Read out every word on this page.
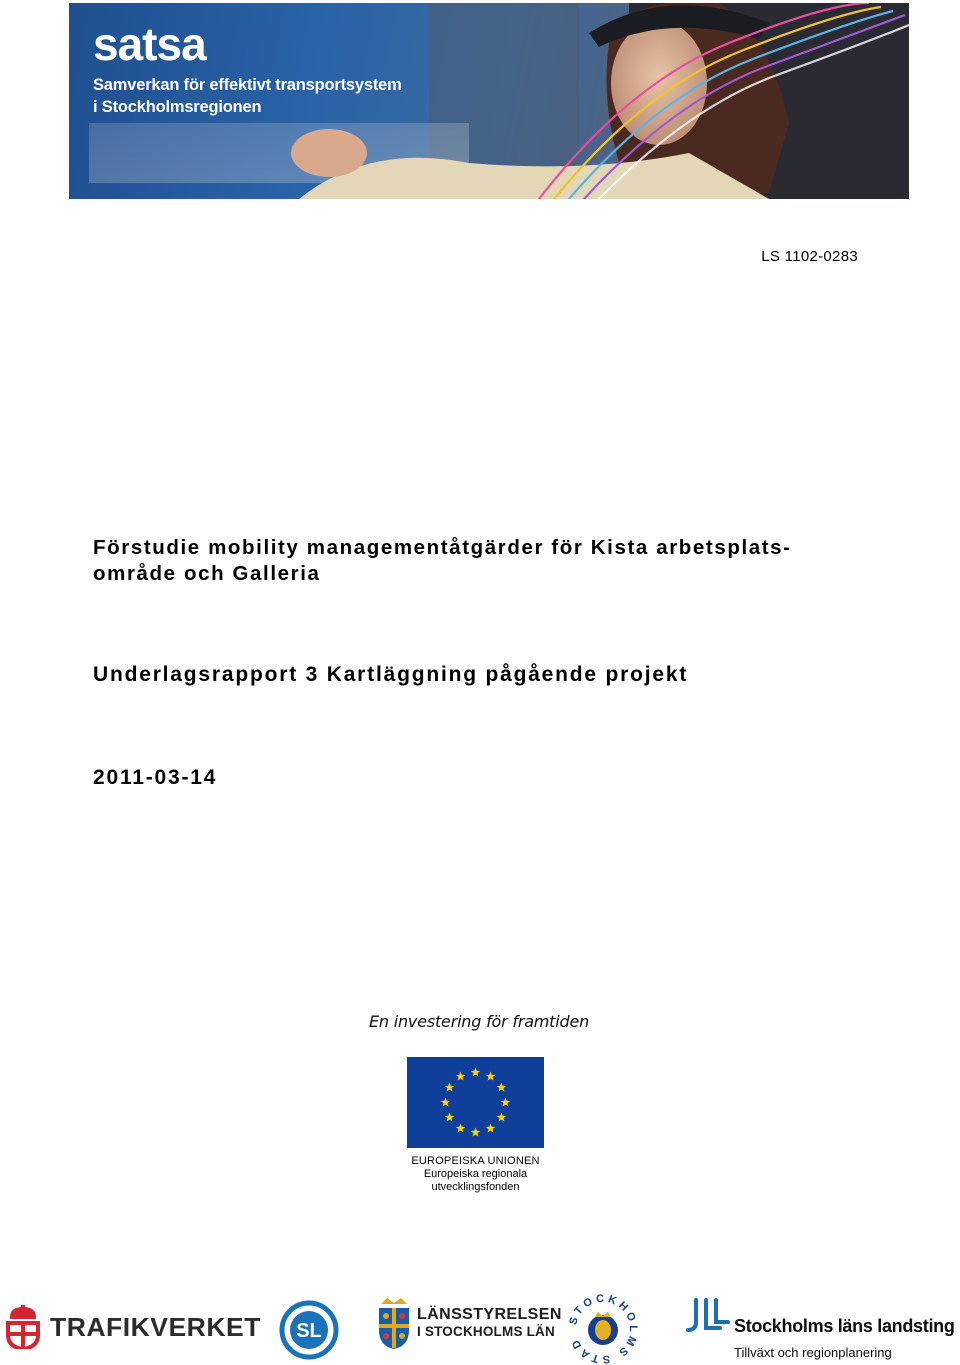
satsa
Samverkan för effektivt transportsystem
i Stockholmsregionen
LS 1102-0283
Förstudie mobility managementåtgärder för Kista arbetsplats-
område och Galleria
Underlagsrapport 3 Kartläggning pågående projekt
2011-03-14
En investering för framtiden
EUROPEISKA UNIONEN
Europeiska regionala
utvecklingsfonden
TRAFIKVERKET SL
LÄNSSTYRELSEN
I STOCKHOLMS LÄN
STOCKHOLMS STAD
Stockholms läns landsting
Tillväxt och regionplanering
